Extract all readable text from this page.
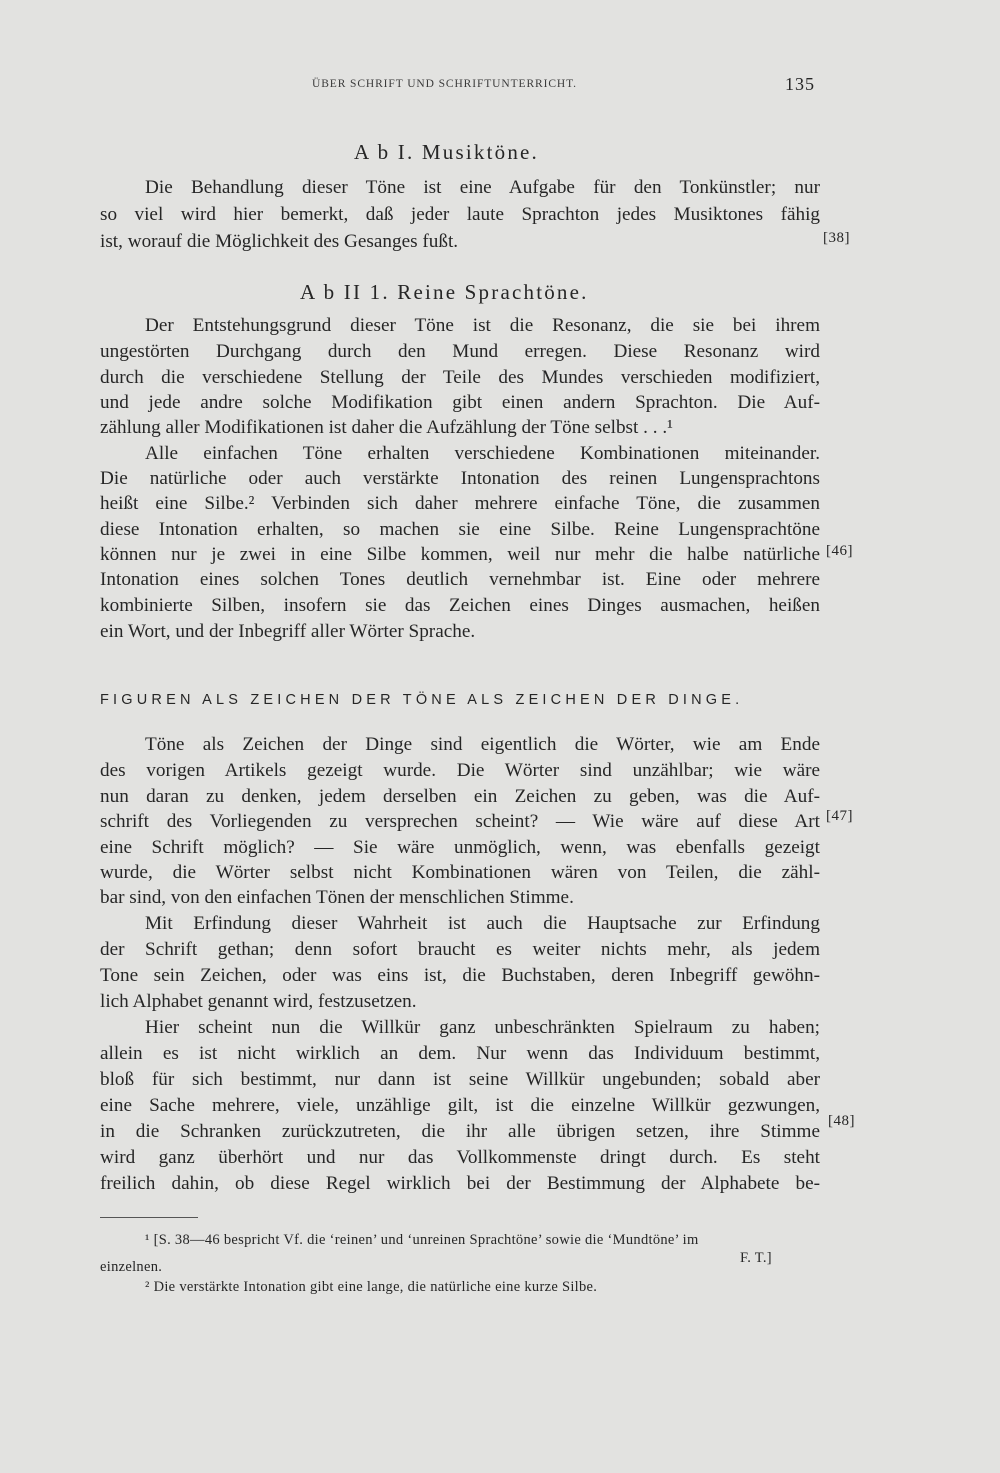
ÜBER SCHRIFT UND SCHRIFTUNTERRICHT.	135
A b I. Musiktöne.
Die Behandlung dieser Töne ist eine Aufgabe für den Tonkünstler; nur
so viel wird hier bemerkt, daß jeder laute Sprachton jedes Musiktones fähig
ist, worauf die Möglichkeit des Gesanges fußt.	[38]
A b II 1. Reine Sprachtöne.
Der Entstehungsgrund dieser Töne ist die Resonanz, die sie bei ihrem
ungestörten Durchgang durch den Mund erregen. Diese Resonanz wird
durch die verschiedene Stellung der Teile des Mundes verschieden modifiziert,
und jede andre solche Modifikation gibt einen andern Sprachton. Die Auf-
zählung aller Modifikationen ist daher die Aufzählung der Töne selbst . . .¹
Alle einfachen Töne erhalten verschiedene Kombinationen miteinander.
Die natürliche oder auch verstärkte Intonation des reinen Lungensprachtons
heißt eine Silbe.² Verbinden sich daher mehrere einfache Töne, die zusammen
diese Intonation erhalten, so machen sie eine Silbe. Reine Lungensprachtöne
können nur je zwei in eine Silbe kommen, weil nur mehr die halbe natürliche [46]
Intonation eines solchen Tones deutlich vernehmbar ist. Eine oder mehrere
kombinierte Silben, insofern sie das Zeichen eines Dinges ausmachen, heißen
ein Wort, und der Inbegriff aller Wörter Sprache.
FIGUREN ALS ZEICHEN DER TÖNE ALS ZEICHEN DER DINGE.
Töne als Zeichen der Dinge sind eigentlich die Wörter, wie am Ende
des vorigen Artikels gezeigt wurde. Die Wörter sind unzählbar; wie wäre
nun daran zu denken, jedem derselben ein Zeichen zu geben, was die Auf-
schrift des Vorliegenden zu versprechen scheint? — Wie wäre auf diese Art [47]
eine Schrift möglich? — Sie wäre unmöglich, wenn, was ebenfalls gezeigt
wurde, die Wörter selbst nicht Kombinationen wären von Teilen, die zähl-
bar sind, von den einfachen Tönen der menschlichen Stimme.
Mit Erfindung dieser Wahrheit ist auch die Hauptsache zur Erfindung
der Schrift gethan; denn sofort braucht es weiter nichts mehr, als jedem
Tone sein Zeichen, oder was eins ist, die Buchstaben, deren Inbegriff gewöhn-
lich Alphabet genannt wird, festzusetzen.
Hier scheint nun die Willkür ganz unbeschränkten Spielraum zu haben;
allein es ist nicht wirklich an dem. Nur wenn das Individuum bestimmt,
bloß für sich bestimmt, nur dann ist seine Willkür ungebunden; sobald aber
eine Sache mehrere, viele, unzählige gilt, ist die einzelne Willkür gezwungen,
in die Schranken zurückzutreten, die ihr alle übrigen setzen, ihre Stimme [48]
wird ganz überhört und nur das Vollkommenste dringt durch. Es steht
freilich dahin, ob diese Regel wirklich bei der Bestimmung der Alphabete be-
¹ [S. 38—46 bespricht Vf. die ‘reinen’ und ‘unreinen Sprachtöne’ sowie die ‘Mundtöne’ im
F. T.]
einzelnen.
² Die verstärkte Intonation gibt eine lange, die natürliche eine kurze Silbe.
